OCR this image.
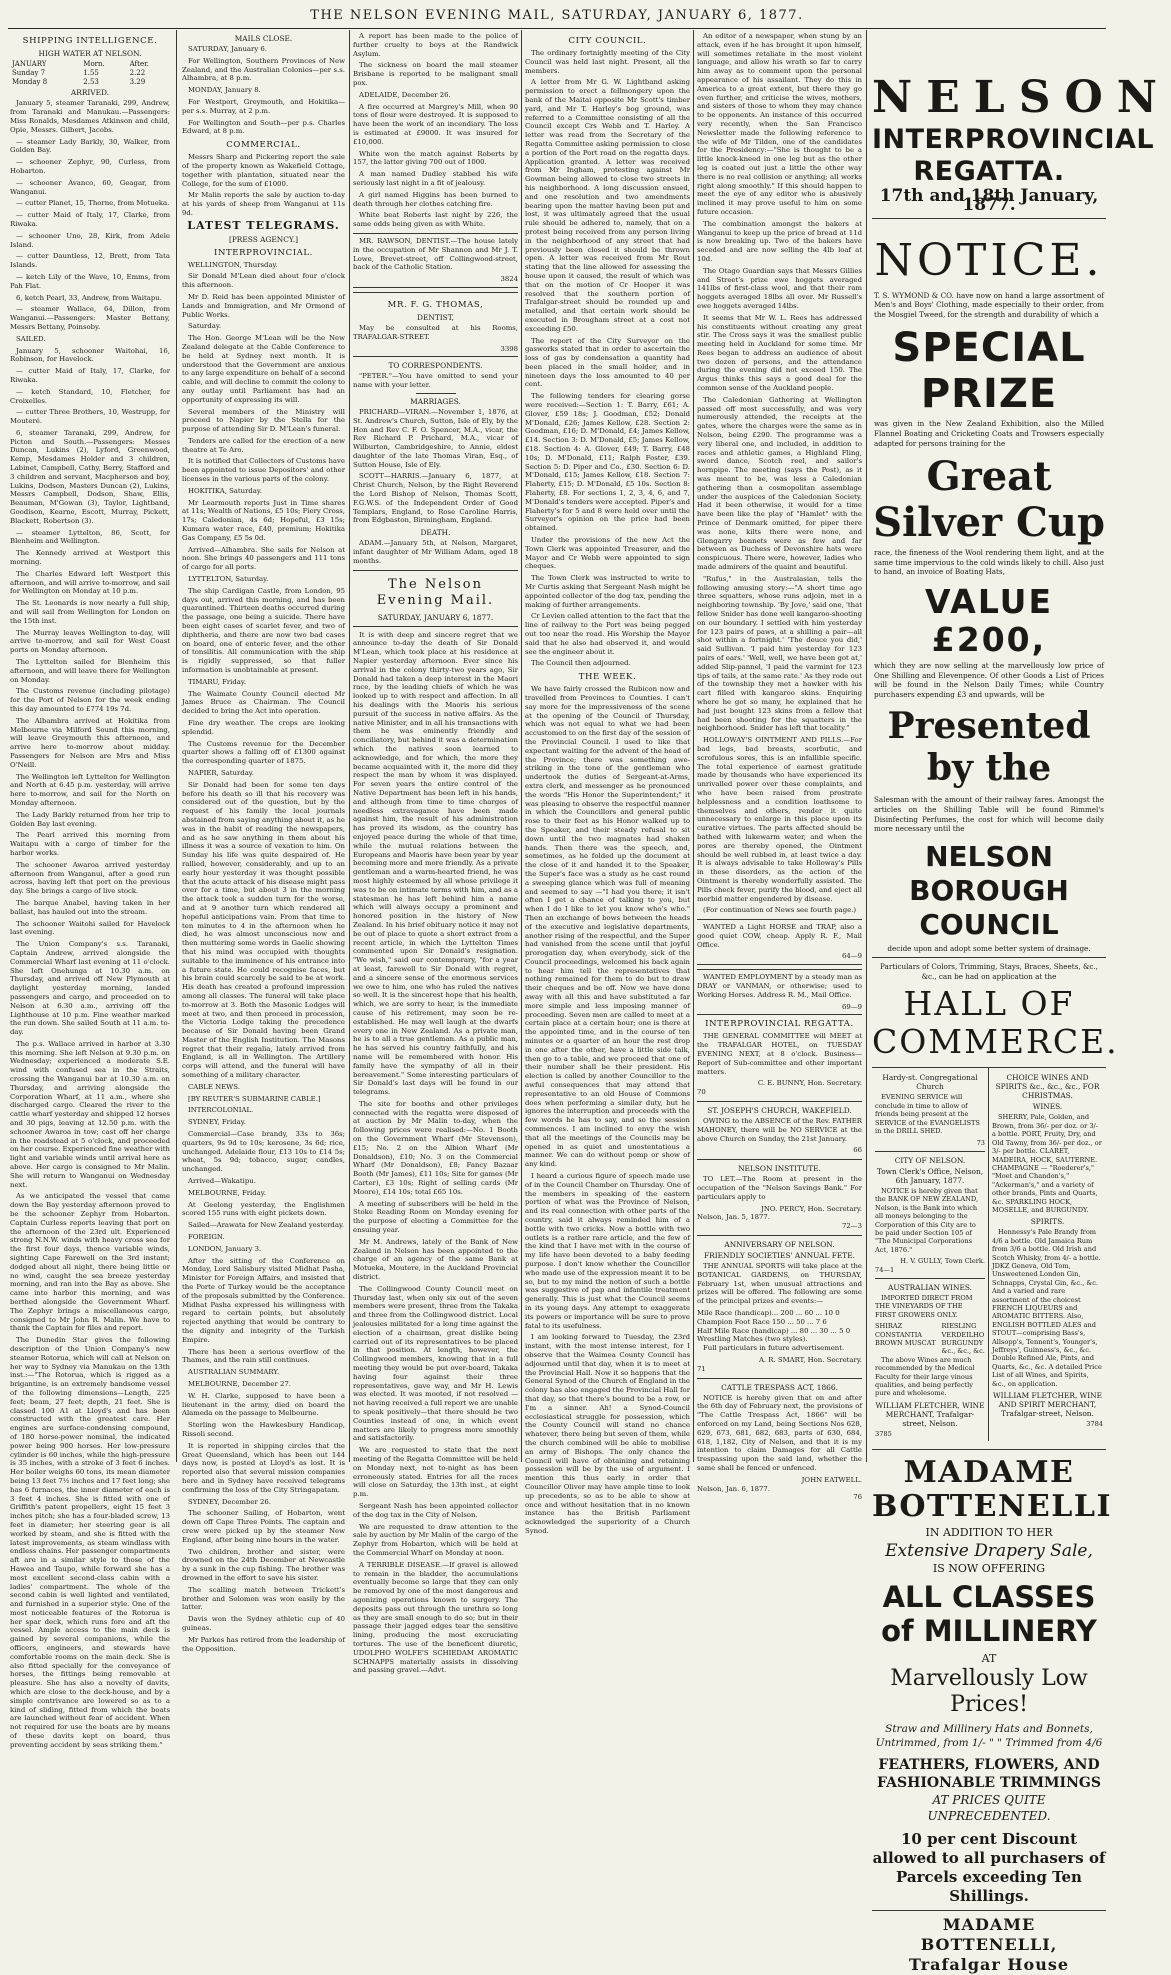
THE NELSON EVENING MAIL, SATURDAY, JANUARY 6, 1877.
SHIPPING INTELLIGENCE.
HIGH WATER AT NELSON.
JANUARY	Morn.	After.
Sunday 7	1.55	2.22
Monday 8	2.53	3.29
ARRIVED.

January 5, steamer Taranaki, 299, Andrew, from Taranaki and Manukau.—Passengers: Miss Ronalds, Mesdames Atkinson and child, Opie, Messrs. Gilbert, Jacobs.

— steamer Lady Barkly, 30, Walker, from Golden Bay.

— schooner Zephyr, 90, Curless, from Hobarton.

— schooner Avanco, 60, Geagar, from Wanganui.

— cutter Planet, 15, Thorne, from Motueka.

— cutter Maid of Italy, 17, Clarke, from Riwaka.

— schooner Uno, 28, Kirk, from Adele Island.

— cutter Dauntless, 12, Brett, from Tata Islands.

— ketch Lily of the Wave, 10, Emms, from Pah Flat.

6, ketch Pearl, 33, Andrew, from Waitapu.

— steamer Wallace, 64, Dillon, from Wanganui.—Passengers: Master Bettany, Messrs Bettany, Poinsoby.

SAILED.

January 5, schooner Waitohai, 16, Robinson, for Havelock.

— cutter Maid of Italy, 17, Clarke, for Riwaka.

— ketch Standard, 10, Fletcher, for Croixelles.

— cutter Three Brothers, 10, Westrupp, for Mouteré.

6, steamer Taranaki, 299, Andrew, for Picton and South.—Passengers: Messes Duncan, Lukins (2), Lyford, Greenwood, Kemp, Mesdames Holder and 3 children, Labinet, Campbell, Cathy, Berry, Stafford and 3 children and servant, Macpherson and boy, Lukins, Dodson, Masters Duncan (2), Lukins, Messrs Campbell, Dodson, Shaw, Ellis, Beauman, M'Gowan (3), Taylor, Lightband, Goodison, Kearne, Escott, Murray, Pickett, Blackett, Robertson (3).

— steamer Lyttelton, 86, Scott, for Blenheim and Wellington.

The Kennedy arrived at Westport this morning.

The Charles Edward left Westport this afternoon, and will arrive to-morrow, and sail for Wellington on Monday at 10 p.m.

The St. Leonards is now nearly a full ship, and will sail from Wellington for London on the 15th inst.

The Murray leaves Wellington to-day, will arrive to-morrow, and sail for West Coast ports on Monday afternoon.

The Lyttelton sailed for Blenheim this afternoon, and will leave there for Wellington on Monday.

The Customs revenue (including pilotage) for the Port of Nelson for the week ending this day amounted to £774 19s 7d.

The Albambra arrived at Hokitika from Melbourne via Milford Sound this morning, will leave Greymouth this afternoon, and arrive here to-morrow about midday. Passengers for Nelson are Mrs and Miss O'Neill.

The Wellington left Lyttelton for Wellington and North at 6.45 p.m. yesterday, will arrive here to-morrow, and sail for the North on Monday afternoon.

The Lady Barkly returned from her trip to Golden Bay last evening.

The Pearl arrived this morning from Waitapu with a cargo of timber for the harbor works.

The schooner Awaroa arrived yesterday afternoon from Wanganui, after a good run across, having left that port on the previous day. She brings a cargo of live stock.

The barque Anabel, having taken in her ballast, has hauled out into the stream.

The schooner Waitohi sailed for Havelock last evening.

The Union Company's s.s. Taranaki, Captain Andrew, arrived alongside the Commercial Wharf last evening at 11 o'clock. She left Onehunga at 10.30 a.m. on Thursday, and arrived off New Plymouth at daylight yesterday morning, landed passengers and cargo, and proceeded on to Nelson at 6.30 a.m., arriving off the Lighthouse at 10 p.m. Fine weather marked the run down. She sailed South at 11 a.m. to-day.

The p.s. Wallace arrived in harbor at 3.30 this morning. She left Nelson at 9.30 p.m. on Wednesday; experienced a moderate S.E. wind with confused sea in the Straits, crossing the Wanganui bar at 10.30 a.m. on Thursday, and arriving alongside the Corporation Wharf, at 11 a.m., where she discharged cargo. Cleared the river to the cattle wharf yesterday and shipped 12 horses and 30 pigs, leaving at 12.50 p.m. with the schooner Awaroa in tow; cast off her charge in the roadstead at 5 o'clock, and proceeded on her course. Experienced fine weather with light and variable winds until arrival here as above. Her cargo is consigned to Mr Malin. She will return to Wanganui on Wednesday next.

As we anticipated the vessel that came down the Bay yesterday afternoon proved to be the schooner Zephyr from Hobarton. Captain Curless reports leaving that port on the afternoon of the 23rd ult. Experienced strong N.N.W. winds with heavy cross sea for the first four days, thence variable winds, sighting Cape Farewell on the 3rd instant; dodged about all night, there being little or no wind, caught the sea breeze yesterday morning, and ran into the Bay as above. She came into harbor this morning, and was berthed alongside the Government Wharf. The Zephyr brings a miscellaneous cargo, consigned to Mr John R. Malin. We have to thank the Captain for files and report.

The Dunedin Star gives the following description of the Union Company's new steamer Rotorua, which will call at Nelson on her way to Sydney via Manukau on the 13th inst.:—"The Rotorua, which is rigged as a brigantine, is an extremely handsome vessel of the following dimensions—Length, 225 feet; beam, 27 feet; depth, 21 feet. She is classed 100 A1 at Lloyd's and has been constructed with the greatest care. Her engines are surface-condensing compound, of 180 horse-power nominal, the indicated power being 900 horses. Her low-pressure cylinder is 60 inches, while the high-pressure is 35 inches, with a stroke of 3 feet 6 inches. Her boiler weighs 60 tons, its mean diameter being 13 feet 7½ inches and 17 feet long; she has 6 furnaces, the inner diameter of each is 3 feet 4 inches. She is fitted with one of Griffith's patent propellers, eight 15 feet 3 inches pitch; she has a four-bladed screw, 13 feet in diameter; her steering gear is all worked by steam, and she is fitted with the latest improvements, as steam windlass with endless chains. Her passenger compartments aft are in a similar style to those of the Hawea and Taupo, while forward she has a most excellent second-class cabin with a ladies' compartment. The whole of the second cabin is well lighted and ventilated, and furnished in a superior style. One of the most noticeable features of the Rotorua is her spar deck, which runs fore and aft the vessel. Ample access to the main deck is gained by several companions, while the officers, engineers, and stewards have comfortable rooms on the main deck. She is also fitted specially for the conveyance of horses, the fittings being removable at pleasure. She has also a novelty of davits, which are close to the deck-house, and by a simple contrivance are lowered so as to a kind of sliding, fitted from which the boats are launched without fear of accident. When not required for use the boats are by means of these davits kept on board, thus preventing accident by seas striking them."

MAILS CLOSE.

SATURDAY, January 6.

For Wellington, Southern Provinces of New Zealand, and the Australian Colonies—per s.s. Alhambra, at 8 p.m.

MONDAY, January 8.

For Westport, Greymouth, and Hokitika—per s.s. Murray, at 2 p.m.

For Wellington and South—per p.s. Charles Edward, at 8 p.m.

COMMERCIAL.

Messrs Sharp and Pickering report the sale of the property known as Wakefield Cottage, together with plantation, situated near the College, for the sum of £1000.

Mr Malin reports the sale by auction to-day at his yards of sheep from Wanganui at 11s 9d.

LATEST TELEGRAMS.
[PRESS AGENCY.]
INTERPROVINCIAL.

WELLINGTON, Thursday.

Sir Donald M'Lean died about four o'clock this afternoon.

Mr D. Reid has been appointed Minister of Lands and Immigration, and Mr Ormond of Public Works.

Saturday.

The Hon. George M'Lean will be the New Zealand delegate at the Cable Conference to be held at Sydney next month. It is understood that the Government are anxious to any large expenditure on behalf of a second cable, and will decline to commit the colony to any outlay until Parliament has had an opportunity of expressing its will.

Several members of the Ministry will proceed to Napier by the Stella for the purpose of attending Sir D. M'Lean's funeral.

Tenders are called for the erection of a new theatre at Te Aro.

It is notified that Collectors of Customs have been appointed to issue Depositors' and other licenses in the various parts of the colony.

HOKITIKA, Saturday.

Mr Learmouth reports Just in Time shares at 11s; Wealth of Nations, £5 10s; Fiery Cross, 17s; Caledonian, 4s 6d; Hopeful, £3 15s; Kumara water race, £40, premium; Hokitika Gas Company, £5 5s 0d.

Arrived—Alhambra. She sails for Nelson at noon. She brings 40 passengers and 111 tons of cargo for all ports.

LYTTELTON, Saturday.

The ship Cardigan Castle, from London, 95 days out, arrived this morning, and has been quarantined. Thirteen deaths occurred during the passage, one being a suicide. There have been eight cases of scarlet fever, and two of diphtheria, and there are now two bad cases on board, one of enteric fever, and the other of tonsilitis. All communication with the ship is rigidly suppressed, so that fuller information is unobtainable at present.

TIMARU, Friday.

The Waimate County Council elected Mr James Bruce as Chairman. The Council decided to bring the Act into operation.

Fine dry weather. The crops are looking splendid.

The Customs revenue for the December quarter shows a falling off of £1300 against the corresponding quarter of 1875.

NAPIER, Saturday.

Sir Donald had been for some ten days before his death so ill that his recovery was considered out of the question, but by the request of his family the local journals abstained from saying anything about it, as he was in the habit of reading the newspapers, and as he saw anything in them about his illness it was a source of vexation to him. On Sunday his life was quite despaired of. He rallied, however, considerably, and up to an early hour yesterday it was thought possible that the acute attack of his disease might pass over for a time, but about 3 in the morning the attack took a sudden turn for the worse, and at 9 another turn which rendered all hopeful anticipations vain. From that time to ten minutes to 4 in the afternoon when he died, he was almost unconscious now and then muttering some words in Gaelic showing that his mind was occupied with thoughts suitable to the imminence of his entrance into a future state. He could recognise faces, but his brain could scarcely be said to be at work. His death has created a profound impression among all classes. The funeral will take place to-morrow at 3. Both the Masonic Lodges will meet at two, and then proceed in procession, the Victoria Lodge taking the precedence because of Sir Donald having been Grand Master of the English Institution. The Masons regret that their regalia, lately arrived from England, is all in Wellington. The Artillery corps will attend, and the funeral will have something of a military character.

CABLE NEWS.

[BY REUTER'S SUBMARINE CABLE.]

INTERCOLONIAL.

SYDNEY, Friday.

Commercial—Case brandy, 33s to 36s; quarters, 9s 9d to 10s; kerosene, 3s 6d; rice, unchanged. Adelaide flour, £13 10s to £14 5s; wheat, 5s 9d; tobacco, sugar, candles, unchanged.

Arrived—Wakatipu.

MELBOURNE, Friday.

At Geelong yesterday, the Englishmen scored 155 runs with eight pickets down.

Sailed—Arawata for New Zealand yesterday.

FOREIGN.

LONDON, January 3.

After the sitting of the Conference on Monday, Lord Salisbury visited Midhat Pasha, Minister for Foreign Affairs, and insisted that the Porte of Turkey would be the acceptance of the proposals submitted by the Conference. Midhat Pasha expressed his willingness with regard to certain points, but absolutely rejected anything that would be contrary to the dignity and integrity of the Turkish Empire.

There has been a serious overflow of the Thames, and the rain still continues.

AUSTRALIAN SUMMARY.

MELBOURNE, December 27.

W. H. Clarke, supposed to have been a lieutenant in the army, died on board the Alameda on the passage to Melbourne.

Sterling won the Hawkesbury Handicap, Rissoli second.

It is reported in shipping circles that the Great Queensland, which has been out 144 days now, is posted at Lloyd's as lost. It is reported also that several mission companies here and in Sydney have received telegrams confirming the loss of the City Stringapatam.

SYDNEY, December 26.

The schooner Sailing, of Hobarton, went down off Cape Three Points. The captain and crew were picked up by the steamer New England, after being nine hours in the water.

Two children, brother and sister, were drowned on the 24th December at Newcastle by a sunk in the cup fishing. The brother was drowned in the effort to save his sister.

The scalling match between Trickett's brother and Solomon was won easily by the latter.

Davis won the Sydney athletic cup of 40 guineas.

Mr Parkes has retired from the leadership of the Opposition.

A report has been made to the police of further cruelty to boys at the Randwick Asylum.

The sickness on board the mail steamer Brisbane is reported to be malignant small pox.

ADELAIDE, December 26.

A fire occurred at Margrey's Mill, when 90 tons of flour were destroyed. It is supposed to have been the work of an incendiary. The loss is estimated at £9000. It was insured for £10,000.

White won the match against Roberts by 157, the latter giving 700 out of 1000.

A man named Dudley stabbed his wife seriously last night in a fit of jealousy.

A girl named Higgins has been burned to death through her clothes catching fire.

White beat Roberts last night by 226, the same odds being given as with White.

MR. RAWSON, DENTIST.—The house lately in the occupation of Mr Shannon and Mr J. T. Lowe, Brevet-street, off Collingwood-street, back of the Catholic Station.

3824
MR. F. G. THOMAS,
DENTIST,

May be consulted at his Rooms, TRAFALGAR-STREET.

3398
TO CORRESPONDENTS.

"PETER."—You have omitted to send your name with your letter.

MARRIAGES.

PRICHARD—VIRAN.—November 1, 1876, at St. Andrew's Church, Sutton, Isle of Ely, by the Hon and Rev C. F. O. Spencer, M.A., vicar, the Rev Richard P. Prichard, M.A., vicar of Wilburton, Cambridgeshire, to Annie, eldest daughter of the late Thomas Viran, Esq., of Sutton House, Isle of Ely.

SCOTT—HARRIS.—January 6, 1877, at Christ Church, Nelson, by the Right Reverend the Lord Bishop of Nelson, Thomas Scott, F.G.W.S. of the Independent Order of Good Templars, England, to Rose Caroline Harris, from Edgbaston, Birmingham, England.

DEATH.

ADAM.—January 5th, at Nelson, Margaret, infant daughter of Mr William Adam, aged 18 months.

The Nelson Evening Mail.
SATURDAY, JANUARY 6, 1877.

It is with deep and sincere regret that we announce to-day the death of Sir Donald M'Lean, which took place at his residence at Napier yesterday afternoon. Ever since his arrival in the colony thirty-two years ago, Sir Donald had taken a deep interest in the Maori race, by the leading chiefs of which he was looked up to with respect and affection. In all his dealings with the Maoris his serious pursuit of the success in native affairs. As the native Minister, and in all his transactions with them he was eminently friendly and conciliatory, but behind it was a determination which the natives soon learned to acknowledge, and for which, the more they became acquainted with it, the more did they respect the man by whom it was displayed. For seven years the entire control of the Native Department has been left in his hands, and although from time to time charges of needless extravagance have been made against him, the result of his administration has proved its wisdom, as the country has enjoyed peace during the whole of that time, while the mutual relations between the Europeans and Maoris have been year by year becoming more and more friendly. As a private gentleman and a warm-hearted friend, he was most highly esteemed by all whose privilege it was to be on intimate terms with him, and as a statesman he has left behind him a name which will always occupy a prominent and honored position in the history of New Zealand. In his brief obituary notice it may not be out of place to quote a short extract from a recent article, in which the Lyttelton Times commented upon Sir Donald's resignation. "We wish," said our contemporary, "for a year at least, farewell to Sir Donald with regret, and a sincere sense of the enormous services we owe to him, one who has ruled the natives so well. It is the sincerest hope that his health, which, we are sorry to hear, is the immediate cause of his retirement, may soon be re-established. He may well laugh at the dwarfs every one in New Zealand. As a private man, he is to all a true gentleman. As a public man, he has served his country faithfully, and his name will be remembered with honor. His family have the sympathy of all in their bereavement." Some interesting particulars of Sir Donald's last days will be found in our telegrams.

The site for booths and other privileges connected with the regatta were disposed of at auction by Mr Malin to-day, when the following prices were realised:—No. 1 Booth on the Government Wharf (Mr Stevenson), £15; No. 2 on the Albion Wharf (Mr Donaldson), £10; No. 3 on the Commercial Wharf (Mr Donaldson), £8; Fancy Bazaar Booth (Mr James), £11 10s; Site for games (Mr Carter), £3 10s; Right of selling cards (Mr Moore), £14 10s; total £65 10s.

A meeting of subscribers will be held in the Stoke Reading Room on Monday evening for the purpose of electing a Committee for the ensuing year.

Mr M. Andrews, lately of the Bank of New Zealand in Nelson has been appointed to the charge of an agency of the same Bank at Motueka, Moutere, in the Auckland Provincial district.

The Collingwood County Council meet on Thursday last, when only six out of the seven members were present, three from the Takaka and three from the Collingwood district. Local jealousies militated for a long time against the election of a chairman, great dislike being carried out of its representatives to be placed in that position. At length, however, the Collingwood members, knowing that in a full meeting they would be put over-board, Takaka having four against their three representatives, gave way, and Mr H. Lewis was elected. It was mooted, if not resolved —not having received a full report we are unable to speak positively—that there should be two Counties instead of one, in which event matters are likely to progress more smoothly and satisfactorily.

We are requested to state that the next meeting of the Regatta Committee will be held on Monday next, not to-night as has been erroneously stated. Entries for all the races will close on Saturday, the 13th inst., at eight p.m.

Sergeant Nash has been appointed collector of the dog tax in the City of Nelson.

We are requested to draw attention to the sale by auction by Mr Malin of the cargo of the Zephyr from Hobarton, which will be held at the Commercial Wharf on Monday at noon.

A TERRIBLE DISEASE.—If gravel is allowed to remain in the bladder, the accumulations eventually become so large that they can only be removed by one of the most dangerous and agonizing operations known to surgery. The deposits pass out through the urethra so long as they are small enough to do so; but in their passage their jagged edges tear the sensitive lining, producing the most excruciating tortures. The use of the beneficent diuretic, UDOLPHO WOLFE'S SCHIEDAM AROMATIC SCHNAPPS materially assists in dissolving and passing gravel.—Advt.

CITY COUNCIL.

The ordinary fortnightly meeting of the City Council was held last night. Present, all the members.

A letter from Mr G. W. Lightband asking permission to erect a fellmongery upon the bank of the Maitai opposite Mr Scott's timber yard, and Mr T. Harley's bog ground, was referred to a Committee consisting of all the Council except Crs Webb and T. Harley. A letter was read from the Secretary of the Regatta Committee asking permission to close a portion of the Port road on the regatta days. Application granted. A letter was received from Mr Ingham, protesting against Mr Gowman being allowed to close two streets in his neighborhood. A long discussion ensued, and one resolution and two amendments bearing upon the matter having been put and lost, it was ultimately agreed that the usual rule should be adhered to, namely, that on a protest being received from any person living in the neighborhood of any street that had previously been closed it should be thrown open. A letter was received from Mr Rout stating that the line allowed for assessing the house upon it caused, the result of which was that on the motion of Cr Hooper it was resolved that the southern portion of Trafalgar-street should be rounded up and metalled, and that certain work should be executed in Brougham street at a cost not exceeding £50.

The report of the City Surveyor on the gasworks stated that in order to ascertain the loss of gas by condensation a quantity had been placed in the small holder, and in nineteen days the loss amounted to 40 per cent.

The following tenders for clearing gorse were received:—Section 1: T. Barry, £61; A. Glover, £59 18s; J. Goodman, £52; Donald M'Donald, £26; James Kellow, £28. Section 2: Goodman, £16; D. M'Donald, £4; James Kellow, £14. Section 3: D. M'Donald, £5; James Kellow, £18. Section 4: A. Glover, £49; T. Barry, £48 10s; D. M'Donald, £11; Ralph Foster, £39. Section 5: D. Piper and Co., £30. Section 6: D. M'Donald, £15; James Kellow, £18. Section 7: Flaherty, £15; D. M'Donald, £5 10s. Section 8: Flaherty, £8. For sections 1, 2, 3, 4, 6, and 7, M'Donald's tenders were accepted. Piper's and Flaherty's for 5 and 8 were held over until the Surveyor's opinion on the price had been obtained.

Under the provisions of the new Act the Town Clerk was appointed Treasurer, and the Mayor and Cr Webb were appointed to sign cheques.

The Town Clerk was instructed to write to Mr Curtis asking that Sergeant Nash might be appointed collector of the dog tax, pending the making of further arrangements.

Cr Levien called attention to the fact that the line of railway to the Port was being pegged out too near the road. His Worship the Mayor said that he also had observed it, and would see the engineer about it.

The Council then adjourned.

THE WEEK.

We have fairly crossed the Rubicon now and travelled from Provinces to Counties. I can't say more for the impressiveness of the scene at the opening of the Council of Thursday, which was not equal to what we had been accustomed to on the first day of the session of the Provincial Council. I used to like that expectant waiting for the advent of the head of the Province; there was something awe-striking in the tone of the gentleman who undertook the duties of Sergeant-at-Arms, extra clerk, and messenger as he pronounced the words "His Honor the Superintendent;" it was pleasing to observe the respectful manner in which the Councillors and general public rose to their feet as his Honor walked up to the Speaker, and their steady refusal to sit down until the two magnates had shaken hands. Then there was the speech, and, sometimes, as he folded up the document at the close of it and handed it to the Speaker, the Super's face was a study as he cast round a sweeping glance which was full of meaning and seemed to say —"I had you there; it isn't often I get a chance of talking to you, but when I do I like to let you know who's who." Then an exchange of bows between the heads of the executive and legislative departments, another rising of the respectful, and the Super had vanished from the scene until that joyful prorogation day, when everybody, sick of the Council proceedings, welcomed his back again to hear him tell the representatives that nothing remained for them to do but to draw their cheques and be off. Now we have done away with all this and have substituted a far more simple and less imposing manner of proceeding. Seven men are called to meet at a certain place at a certain hour; one is there at the appointed time, and in the course of ten minutes or a quarter of an hour the rest drop in one after the other, have a little side talk, then go to a table, and we proceed that one of their number shall be their president. His election is called by another Councillor to the awful consequences that may attend that representative to an old House of Commons does when performing a similar duty, but he ignores the interruption and proceeds with the few words he has to say, and so the session commences. I am inclined to envy the wish that all the meetings of the Councils may be opened in as quiet and unostentatious a manner. We can do without pomp or show of any kind.

I heard a curious figure of speech made use of in the Council Chamber on Thursday. One of the members in speaking of the eastern portion of what was the Province of Nelson, and its real connection with other parts of the country, said it always reminded him of a bottle with two cricks. Now a bottle with two outlets is a rather rare article, and the few of the kind that I have met with in the course of my life have been devoted to a baby feeding purpose. I don't know whether the Councillor who made use of the expression meant it to be so, but to my mind the notion of such a bottle was suggestive of pap and infantile treatment generally. This is just what the Council seems in its young days. Any attempt to exaggerate its powers or importance will be sure to prove fatal to its usefulness.

I am looking forward to Tuesday, the 23rd instant, with the most intense interest, for I observe that the Waimea County Council has adjourned until that day, when it is to meet at the Provincial Hall. Now it so happens that the General Synod of the Church of England in the colony has also engaged the Provincial Hall for that day, so that there's bound to be a row, or I'm a sinner. Ah! a Synod-Council ecclesiastical struggle for possession, which the County Council will stand no chance whatever, there being but seven of them, while the church combined will be able to mobilise an army of Bishops. The only chance the Council will have of obtaining and retaining possession will be by the use of argument. I mention this thus early in order that Councillor Oliver may have ample time to look up precedents, so as to be able to show at once and without hesitation that in no known instance has the British Parliament acknowledged the superiority of a Church Synod.

An editor of a newspaper, when stung by an attack, even if he has brought it upon himself, will sometimes retaliate in the most violent language, and allow his wrath so far to carry him away as to comment upon the personal appearance of his assailant. They do this in America to a great extent, but there they go even further, and criticise the wives, mothers, and sisters of those to whom they may chance to be opponents. An instance of this occurred very recently, when the San Francisco Newsletter made the following reference to the wife of Mr Tilden, one of the candidates for the Presidency:—"She is thought to be a little knock-kneed in one leg but as the other leg is coated out just a little the other way there is no real collision or anything; all works right along smoothly." If this should happen to meet the eye of any editor who is abusively inclined it may prove useful to him on some future occasion.

The combination amongst the bakers at Wanganui to keep up the price of bread at 11d is now breaking up. Two of the bakers have seceded and are now selling the 4lb loaf at 10d.

The Otago Guardian says that Messrs Gillies and Street's prize ewe hoggets averaged 141lbs of first-class wool, and that their ram hoggets averaged 18lbs all over. Mr Russell's ewe hoggets averaged 14lbs.

It seems that Mr W. L. Rees has addressed his constituents without creating any great stir. The Cross says it was the smallest public meeting held in Auckland for some time. Mr Rees began to address an audience of about two dozen of persons, and the attendance during the evening did not exceed 150. The Argus thinks this says a good deal for the common sense of the Auckland people.

The Caledonian Gathering at Wellington passed off most successfully, and was very numerously attended, the receipts at the gates, where the charges were the same as in Nelson, being £290. The programme was a very liberal one, and included, in addition to races and athletic games, a Highland Fling, sword dance, Scotch reel, and sailor's hornpipe. The meeting (says the Post), as it was meant to be, was less a Caledonian gathering than a cosmopolitan assemblage under the auspices of the Caledonian Society. Had it been otherwise, it would for a time have been like the play of "Hamlet" with the Prince of Denmark omitted, for piper there was none, kilts there were none, and Glengarry bonnets were as few and far between as Duchess of Devonshire hats were conspicuous. There were, however, ladies who made admirers of the quaint and beautiful.

"Rufus," in the Australasian, tells the following amusing story:—"A short time ago three squatters, whose runs adjoin, met in a neighboring township. 'By Jove,' said one, 'that fellow Snider has done well kangaroo-shooting on our boundary. I settled with him yesterday for 123 pairs of paws, at a shilling a pair—all shot within a fortnight.' 'The deuce you did,' said Sullivan. 'I paid him yesterday for 123 pairs of ears.' 'Well, well, we have been got at,' added Slip-pannel, 'I paid the varmint for 123 tips of tails, at the same rate.' As they rode out of the township they met a hawker with his cart filled with kangaroo skins. Enquiring where he got so many, he explained that he had just bought 123 skins from a fellow that had been shooting for the squatters in the neighborhood. Snider has left that locality."

HOLLOWAY'S OINTMENT AND PILLS.—For bad legs, bad breasts, scorbutic, and scrofulous sores, this is an infallible specific. The total experience of earnest gratitude made by thousands who have experienced its unrivalled power over these complaints, and who have been raised from prostrate helplessness and a condition loathsome to themselves and others, render it quite unnecessary to enlarge in this place upon its curative virtues. The parts affected should be bathed with lukewarm water, and when the pores are thereby opened, the Ointment should be well rubbed in, at least twice a day. It is always advisable to take Holloway's Pills in these disorders, as the action of the Ointment is thereby wonderfully assisted. The Pills check fever, purify the blood, and eject all morbid matter engendered by disease.

(For continuation of News see fourth page.)

WANTED a Light HORSE and TRAP, also a good quiet COW, cheap. Apply R. F., Mail Office.

64—9

WANTED EMPLOYMENT by a steady man as DRAY or VANMAN, or otherwise; used to Working Horses. Address R. M., Mail Office.

69—9
INTERPROVINCIAL REGATTA.

THE GENERAL COMMITTEE will MEET at the TRAFALGAR HOTEL, on TUESDAY EVENING NEXT, at 8 o'clock. Business—Report of Sub-committee and other important matters.

C. E. BUNNY, Hon. Secretary.
70
ST. JOSEPH'S CHURCH, WAKEFIELD.

OWING to the ABSENCE of the Rev. FATHER MAHONEY, there will be NO SERVICE at the above Church on Sunday, the 21st January.

66
NELSON INSTITUTE.

TO LET.—The Room at present in the occupation of the "Nelson Savings Bank." For particulars apply to

JNO. PERCY, Hon. Secretary.
Nelson, Jan. 5, 1877.
72—3
ANNIVERSARY OF NELSON.
FRIENDLY SOCIETIES' ANNUAL FETE.

THE ANNUAL SPORTS will take place at the BOTANICAL GARDENS, on THURSDAY, February 1st, when unusual attractions and prizes will be offered. The following are some of the principal prizes and events:—

Mile Race (handicap)... 200 ... 60 ... 10 0
Champion Foot Race 150 ... 50 ... 7 6
Half Mile Race (handicap) ... 80 ... 30 ... 5 0
Wrestling Matches (two styles).

Full particulars in future advertisement.

A. R. SMART, Hon. Secretary.
71
CATTLE TRESPASS ACT, 1866.

NOTICE is hereby given that on and after the 6th day of February next, the provisions of "The Cattle Trespass Act, 1866" will be enforced on my Land, being Sections Nos 628, 629, 673, 681, 682, 683, parts of 630, 684, 618, 1,182, City of Nelson, and that it is my intention to claim Damages for all Cattle trespassing upon the said land, whether the same shall be fenced or unfenced.

JOHN EATWELL.
Nelson, Jan. 6, 1877.
76
NELSON
INTERPROVINCIAL REGATTA.
17th and 18th January, 1877.
NOTICE.
T. S. WYMOND & CO. have now on hand a large assortment of Men's and Boys' Clothing, made especially to their order, from the Mosgiel Tweed, for the strength and durability of which a
SPECIAL PRIZE
was given in the New Zealand Exhibition, also the Milled Flannel Boating and Cricketing Coats and Trowsers especially adapted for persons training for the
Great Silver Cup
race, the fineness of the Wool rendering them light, and at the same time impervious to the cold winds likely to chill. Also just to hand, an invoice of Boating Hats,
VALUE £200,
which they are now selling at the marvellously low price of One Shilling and Elevenpence. Of other Goods a List of Prices will be found in the Nelson Daily Times; while Country purchasers expending £3 and upwards, will be
Presented by the
Salesman with the amount of their railway fares. Amongst the articles on the Shilling Table will be found Rimmel's Disinfecting Perfumes, the cost for which will become daily more necessary until the
NELSON BOROUGH COUNCIL
decide upon and adopt some better system of drainage.
Particulars of Colors, Trimming, Stays, Braces, Sheets, &c., &c., can be had on application at the
HALL OF COMMERCE.
Hardy-st. Congregational Church

EVENING SERVICE will conclude in time to allow of friends being present at the SERVICE of the EVANGELISTS in the DRILL SHED.

73
CITY OF NELSON.
Town Clerk's Office, Nelson, 6th January, 1877.

NOTICE is hereby given that the BANK OF NEW ZEALAND, Nelson, is the Bank into which all moneys belonging to the Corporation of this City are to be paid under Section 105 of "The Municipal Corporations Act, 1876."

H. V. GULLY, Town Clerk.
74—1
AUSTRALIAN WINES.

IMPORTED DIRECT FROM THE VINEYARDS OF THE FIRST GROWERS ONLY.

SHIRAZ
CONSTANTIA
BROWN MUSCAT
RIESLING
VERDEILHO
BURGUNDY
&c., &c., &c.

The above Wines are much recommended by the Medical Faculty for their large vinous qualities, and being perfectly pure and wholesome.

WILLIAM FLETCHER, WINE MERCHANT, Trafalgar-street, Nelson.
3785
CHOICE WINES AND SPIRITS &c., &c., &c., FOR CHRISTMAS.
WINES.

SHERRY, Pale, Golden, and Brown, from 36/- per doz. or 3/- a bottle. PORT, Fruity, Dry, and Old Tawny, from 36/- per doz., or 3/- per bottle. CLARET, MADEIRA, HOCK, SAUTERNE. CHAMPAGNE — "Roederer's," "Moet and Chandon's," "Ackerman's," and a variety of other brands, Pints and Quarts, &c. SPARKLING HOCK, MOSELLE, and BURGUNDY.

SPIRITS.

Hennessy's Pale Brandy from 4/6 a bottle. Old Jamaica Rum from 3/6 a bottle. Old Irish and Scotch Whisky, from 4/- a bottle. JDKZ Geneva, Old Tom, Unsweetened London Gin, Schnapps, Crystal Gin, &c., &c. And a varied and rare assortment of the choicest FRENCH LIQUEURS and AROMATIC BITTERS. Also, ENGLISH BOTTLED ALES and STOUT—comprising Bass's, Allsopp's, Tennent's, Younger's, Jeffreys', Guinness's, &c., &c. Double Refined Ale, Pints, and Quarts, &c., &c. A detailed Price List of all Wines, and Spirits, &c., on application.

WILLIAM FLETCHER, WINE AND SPIRIT MERCHANT, Trafalgar-street, Nelson.
3784
MADAME BOTTENELLI
IN ADDITION TO HER
Extensive Drapery Sale,
IS NOW OFFERING
ALL CLASSES of MILLINERY
AT
Marvellously Low Prices!
Straw and Millinery Hats and Bonnets, Untrimmed, from 1/- " " Trimmed from 4/6
FEATHERS, FLOWERS, AND FASHIONABLE TRIMMINGS
AT PRICES QUITE UNPRECEDENTED.
10 per cent Discount allowed to all purchasers of Parcels exceeding Ten Shillings.
MADAME BOTTENELLI, Trafalgar House
